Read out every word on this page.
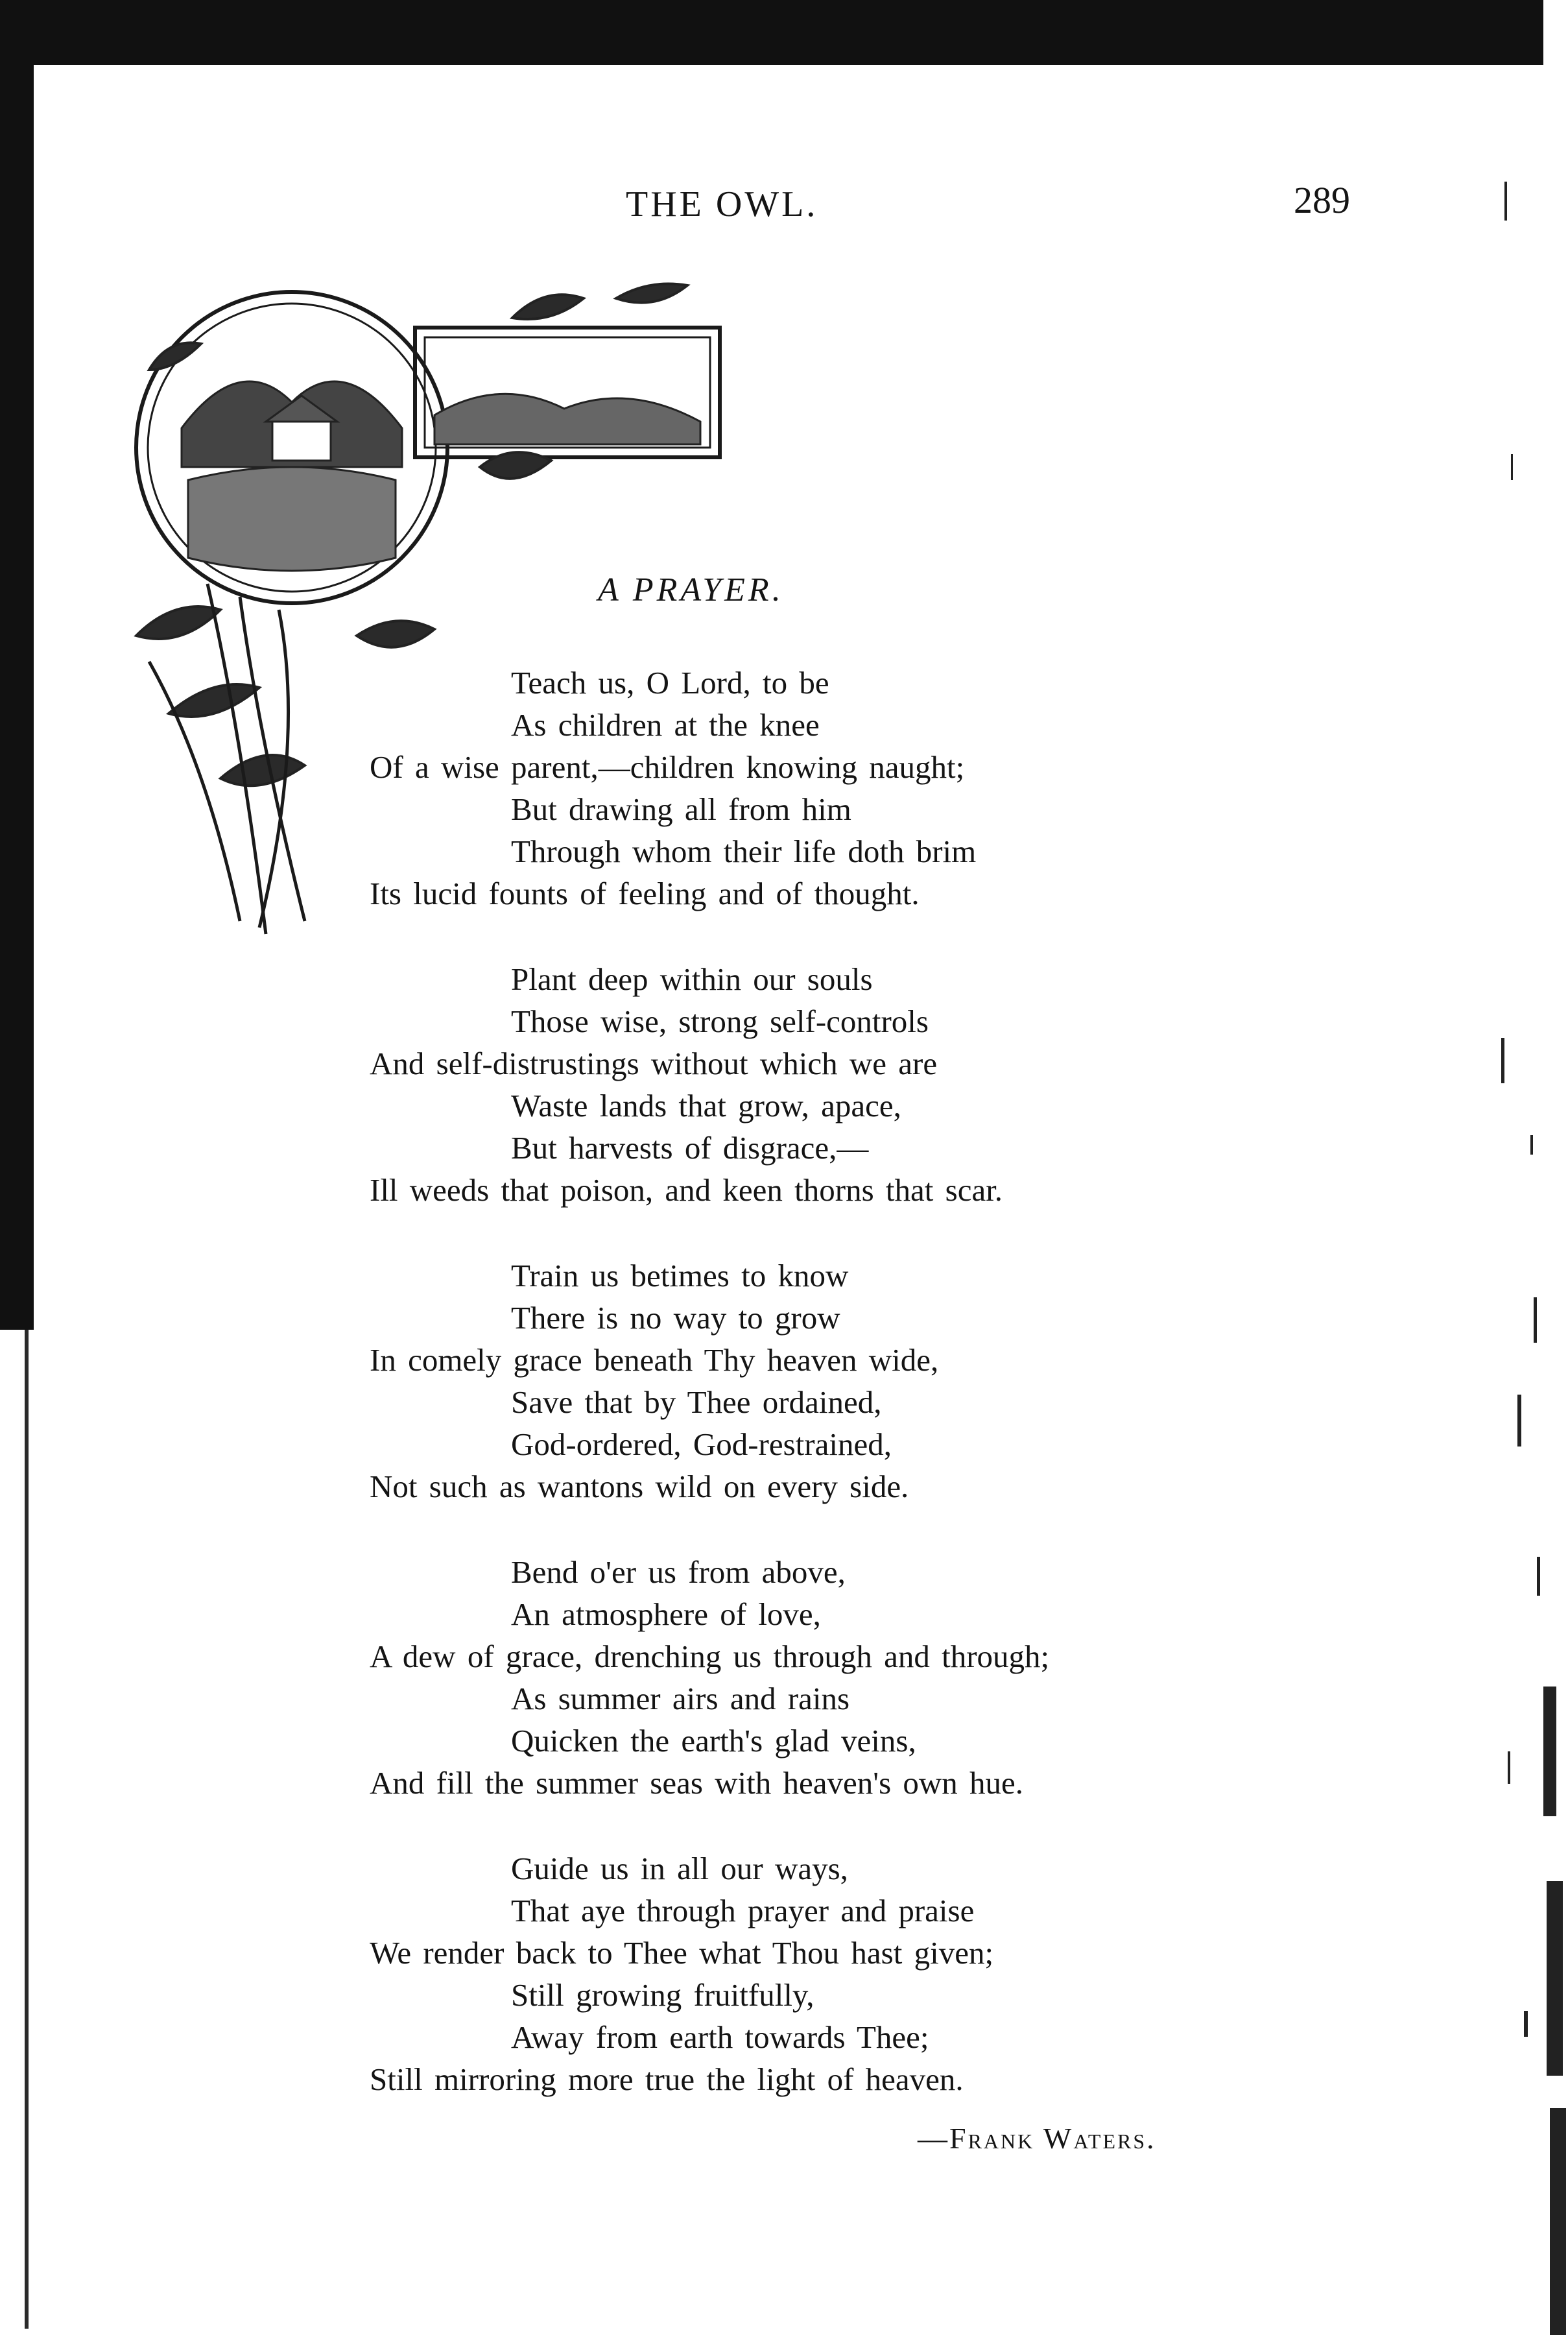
THE OWL.	289
A PRAYER.
Teach us, O Lord, to be
As children at the knee
Of a wise parent,—children knowing naught;
But drawing all from him
Through whom their life doth brim
Its lucid founts of feeling and of thought.
Plant deep within our souls
Those wise, strong self-controls
And self-distrustings without which we are
Waste lands that grow, apace,
But harvests of disgrace,—
Ill weeds that poison, and keen thorns that scar.
Train us betimes to know
There is no way to grow
In comely grace beneath Thy heaven wide,
Save that by Thee ordained,
God-ordered, God-restrained,
Not such as wantons wild on every side.
Bend o'er us from above,
An atmosphere of love,
A dew of grace, drenching us through and through;
As summer airs and rains
Quicken the earth's glad veins,
And fill the summer seas with heaven's own hue.
Guide us in all our ways,
That aye through prayer and praise
We render back to Thee what Thou hast given;
Still growing fruitfully,
Away from earth towards Thee;
Still mirroring more true the light of heaven.
—Frank Waters.
